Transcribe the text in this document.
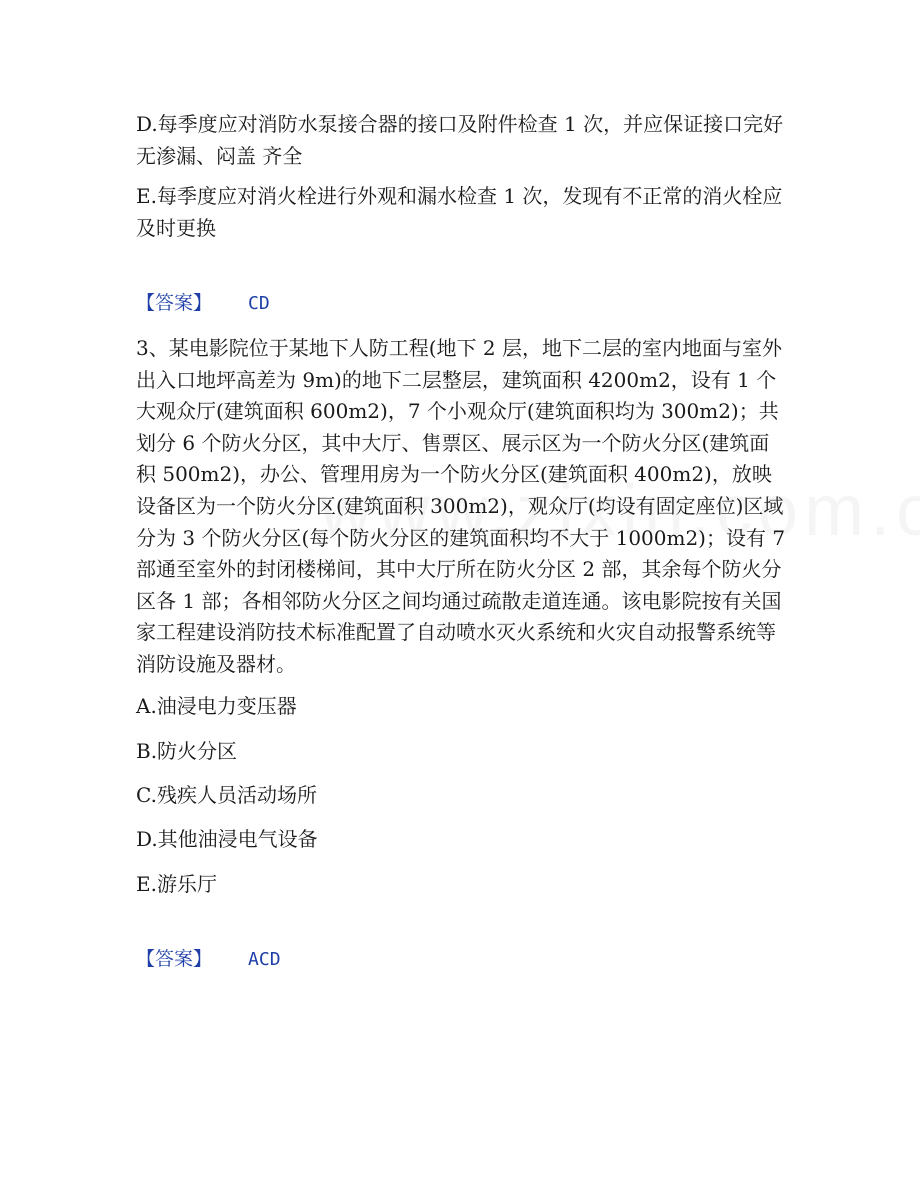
D.每季度应对消防水泵接合器的接口及附件检查 1 次，并应保证接口完好无渗漏、闷盖 齐全

E.每季度应对消火栓进行外观和漏水检查 1 次，发现有不正常的消火栓应及时更换

【答案】 CD

3、某电影院位于某地下人防工程(地下 2 层，地下二层的室内地面与室外出入口地坪高差为 9m)的地下二层整层，建筑面积 4200m2，设有 1 个大观众厅(建筑面积 600m2)，7 个小观众厅(建筑面积均为 300m2)；共划分 6 个防火分区，其中大厅、售票区、展示区为一个防火分区(建筑面积 500m2)，办公、管理用房为一个防火分区(建筑面积 400m2)，放映设备区为一个防火分区(建筑面积 300m2)，观众厅(均设有固定座位)区域分为 3 个防火分区(每个防火分区的建筑面积均不大于 1000m2)；设有 7 部通至室外的封闭楼梯间，其中大厅所在防火分区 2 部，其余每个防火分区各 1 部；各相邻防火分区之间均通过疏散走道连通。该电影院按有关国家工程建设消防技术标准配置了自动喷水灭火系统和火灾自动报警系统等消防设施及器材。

A.油浸电力变压器

B.防火分区

C.残疾人员活动场所

D.其他油浸电气设备

E.游乐厅

【答案】 ACD
